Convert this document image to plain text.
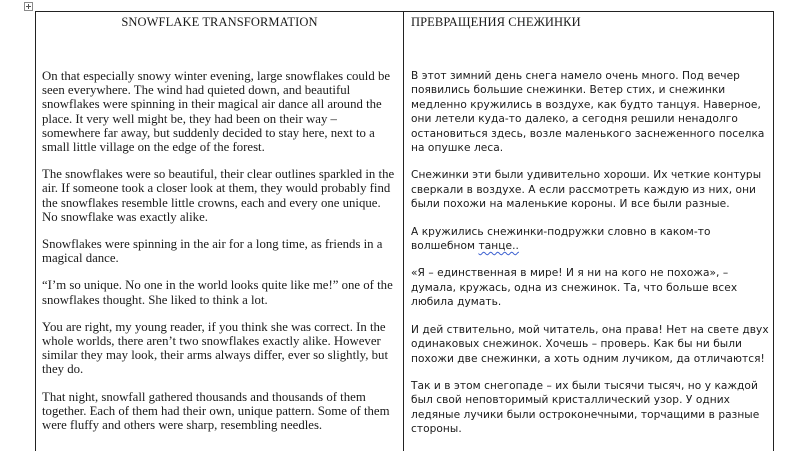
SNOWFLAKE TRANSFORMATION

On that especially snowy winter evening, large snowflakes could be seen everywhere. The wind had quieted down, and beautiful snowflakes were spinning in their magical air dance all around the place. It very well might be, they had been on their way – somewhere far away, but suddenly decided to stay here, next to a small little village on the edge of the forest.

The snowflakes were so beautiful, their clear outlines sparkled in the air. If someone took a closer look at them, they would probably find the snowflakes resemble little crowns, each and every one unique. No snowflake was exactly alike.

Snowflakes were spinning in the air for a long time, as friends in a magical dance.

“I’m so unique. No one in the world looks quite like me!” one of the snowflakes thought. She liked to think a lot.

You are right, my young reader, if you think she was correct. In the whole worlds, there aren’t two snowflakes exactly alike. However similar they may look, their arms always differ, ever so slightly, but they do.

That night, snowfall gathered thousands and thousands of them together. Each of them had their own, unique pattern. Some of them were fluffy and others were sharp, resembling needles.

ПРЕВРАЩЕНИЯ СНЕЖИНКИ

В этот зимний день снега намело очень много. Под вечер появились большие снежинки. Ветер стих, и снежинки медленно кружились в воздухе, как будто танцуя. Наверное, они летели куда-то далеко, а сегодня решили ненадолго остановиться здесь, возле маленького заснеженного поселка на опушке леса.

Снежинки эти были удивительно хороши. Их четкие контуры сверкали в воздухе. А если рассмотреть каждую из них, они были похожи на маленькие короны. И все были разные.

А кружились снежинки-подружки словно в каком-то волшебном танце..

«Я – единственная в мире! И я ни на кого не похожа», – думала, кружась, одна из снежинок. Та, что больше всех любила думать.

И дей ствительно, мой читатель, она права! Нет на свете двух одинаковых снежинок. Хочешь – проверь. Как бы ни были похожи две снежинки, а хоть одним лучиком, да отличаются!

Так и в этом снегопаде – их были тысячи тысяч, но у каждой был свой неповторимый кристаллический узор. У одних ледяные лучики были остроконечными, торчащими в разные стороны.
